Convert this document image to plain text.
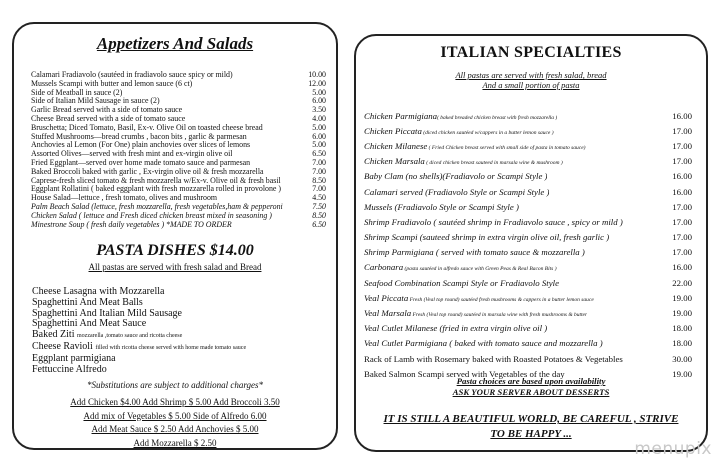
Appetizers And Salads
Calamari Fradiavolo (sautéed in fradiavolo sauce spicy or mild)	10.00
Mussels Scampi with butter and lemon sauce (6 ct)	12.00
Side of Meatball in sauce (2)	5.00
Side of Italian Mild Sausage in sauce (2)	6.00
Garlic Bread served with a side of tomato sauce	3.50
Cheese Bread served with a side of tomato sauce	4.00
Bruschetta; Diced Tomato, Basil, Ex-v. Olive Oil on toasted cheese bread	5.00
Stuffed Mushrooms—bread crumbs , bacon bits , garlic & parmesan	6.00
Anchovies al Lemon (For One) plain anchovies over slices of lemons	5.00
Assorted Olives—served with fresh mint and ex-virgin olive oil	6.50
Fried Eggplant—served over home made tomato sauce and parmesan	7.00
Baked Broccoli baked with garlic , Ex-virgin olive oil & fresh mozzarella	7.00
Caprese-fresh sliced tomato & fresh mozzarella w/Ex-v. Olive oil & fresh basil	8.50
Eggplant Rollatini ( baked eggplant with fresh mozzarella rolled in provolone )	7.00
House Salad—lettuce , fresh tomato, olives and mushroom	4.50
Palm Beach Salad (lettuce, fresh mozzarella, fresh vegetables,ham & pepperoni	7.50
Chicken Salad ( lettuce and Fresh diced chicken breast mixed in seasoning )	8.50
Minestrone Soup ( fresh daily vegetables ) *MADE TO ORDER	6.50
PASTA DISHES $14.00
All pastas are served with fresh salad and Bread
Cheese Lasagna with Mozzarella
Spaghettini And Meat Balls
Spaghettini And Italian Mild Sausage
Spaghettini And Meat Sauce
Baked Ziti mozzarella ,tomato sauce and ricotta cheese
Cheese Ravioli filled with ricotta cheese served with home made tomato sauce
Eggplant parmigiana
Fettuccine Alfredo
*Substitutions are subject to additional charges*
Add Chicken $4.00 Add Shrimp $ 5.00 Add Broccoli 3.50
Add mix of Vegetables $ 5.00 Side of Alfredo 6.00
Add Meat Sauce $ 2.50 Add Anchovies $ 5.00
Add Mozzarella $ 2.50
ITALIAN SPECIALTIES
All pastas are served with fresh salad, bread
And a small portion of pasta
Chicken Parmigiana( baked breaded chicken breast with fresh mozzarella )	16.00
Chicken Piccata (diced chicken sautéed w/cappers in a butter lemon sauce )	17.00
Chicken Milanese ( Fried Chicken breast served with small side of pasta in tomato sauce)	17.00
Chicken Marsala ( diced chicken breast sauteed in marsala wine & mushroom )	17.00
Baby Clam (no shells)(Fradiavolo or Scampi Style )	16.00
Calamari served (Fradiavolo Style or Scampi Style )	16.00
Mussels (Fradiavolo Style or Scampi Style )	17.00
Shrimp Fradiavolo ( sautéed shrimp in Fradiavolo sauce , spicy or mild )	17.00
Shrimp Scampi (sauteed shrimp in extra virgin olive oil, fresh garlic )	17.00
Shrimp Parmigiana ( served with tomato sauce & mozzarella )	17.00
Carbonara (pasta sautéed in alfredo sauce with Green Peas & Real Bacon Bits )	16.00
Seafood Combination Scampi Style or Fradiavolo Style	22.00
Veal Piccata Fresh (Veal top round) sautéed fresh mushrooms & cappers in a butter lemon sauce	19.00
Veal Marsala Fresh (Veal top round) sautéed in marsala wine with fresh mushrooms & butter	19.00
Veal Cutlet Milanese (fried in extra virgin olive oil )	18.00
Veal Cutlet Parmigiana ( baked with tomato sauce and mozzarella )	18.00
Rack of Lamb with Rosemary baked with Roasted Potatoes & Vegetables	30.00
Baked Salmon Scampi served with Vegetables of the day	19.00
Pasta choices are based upon availability
ASK YOUR SERVER ABOUT DESSERTS
IT IS STILL A BEAUTIFUL WORLD, BE CAREFUL , STRIVE
TO BE HAPPY ...
menupix
